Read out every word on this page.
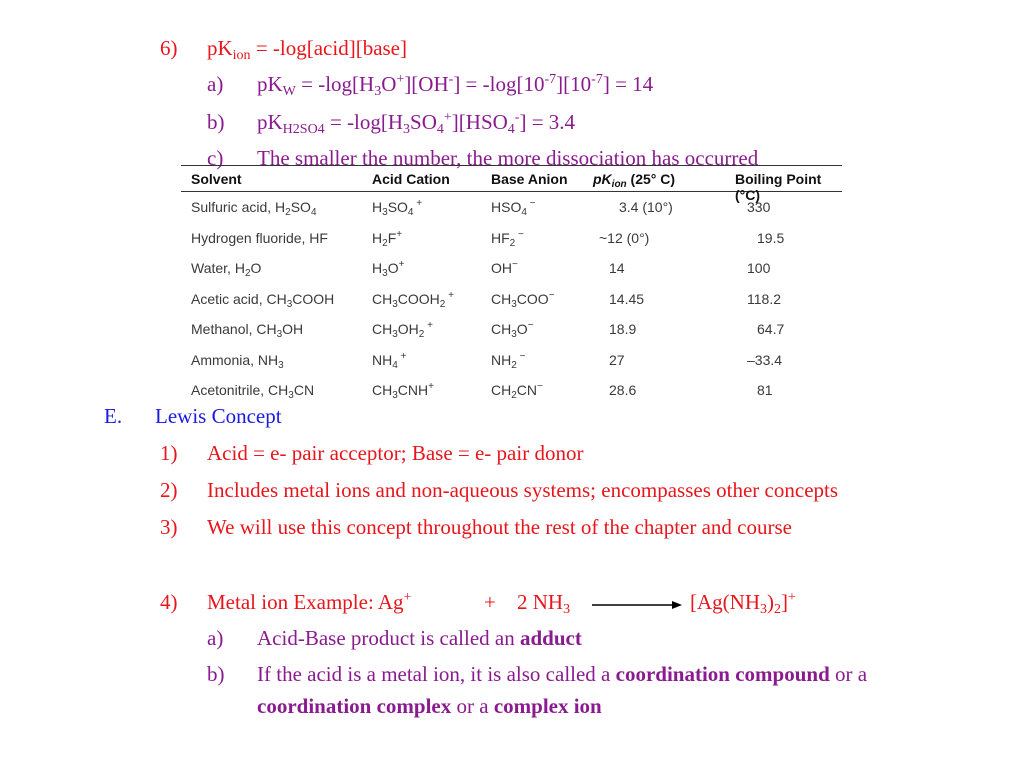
6) $pK_{ion}$ = -log[acid][base]
a) $pK_W = -\log[H_3O^+][OH^-] = -\log[10^{-7}][10^{-7}] = 14$
b) $pK_{H2SO4} = -\log[H_3SO_4^+][HSO_4^-] = 3.4$
c) The smaller the number, the more dissociation has occurred
Solvent	Acid Cation	Base Anion $pK_{ion}$ (25° C)	Boiling Point (°C)
Sulfuric acid, $H_2SO_4$	$H_3SO_4$ +	$HSO_4$ −	3.4 (10°)	330
Hydrogen fluoride, HF	$H_2F^+$	$HF_2$ −	~12 (0°)	19.5
Water, $H_2O$	$H_3O^+$	OH−	14	100
Acetic acid, $CH_3COOH$	$CH_3COOH_2$ +	$CH_3COO^-$	14.45	118.2
Methanol, $CH_3OH$	$CH_3OH_2$ +	$CH_3O^-$	18.9	64.7
Ammonia, $NH_3$	$NH_4$ +	$NH_2$ −	27	–33.4
Acetonitrile, $CH_3CN$	$CH_3CNH^+$	$CH_2CN^-$	28.6	81
E. Lewis Concept
1) Acid = e- pair acceptor; Base = e- pair donor
2) Includes metal ions and non-aqueous systems; encompasses other concepts
3) We will use this concept throughout the rest of the chapter and course
4) Metal ion Example: Ag+	+ 2 $NH_3$	$[Ag(NH_3)_2]^+$
a) Acid-Base product is called an adduct
b) If the acid is a metal ion, it is also called a coordination compound or a
coordination complex or a complex ion
